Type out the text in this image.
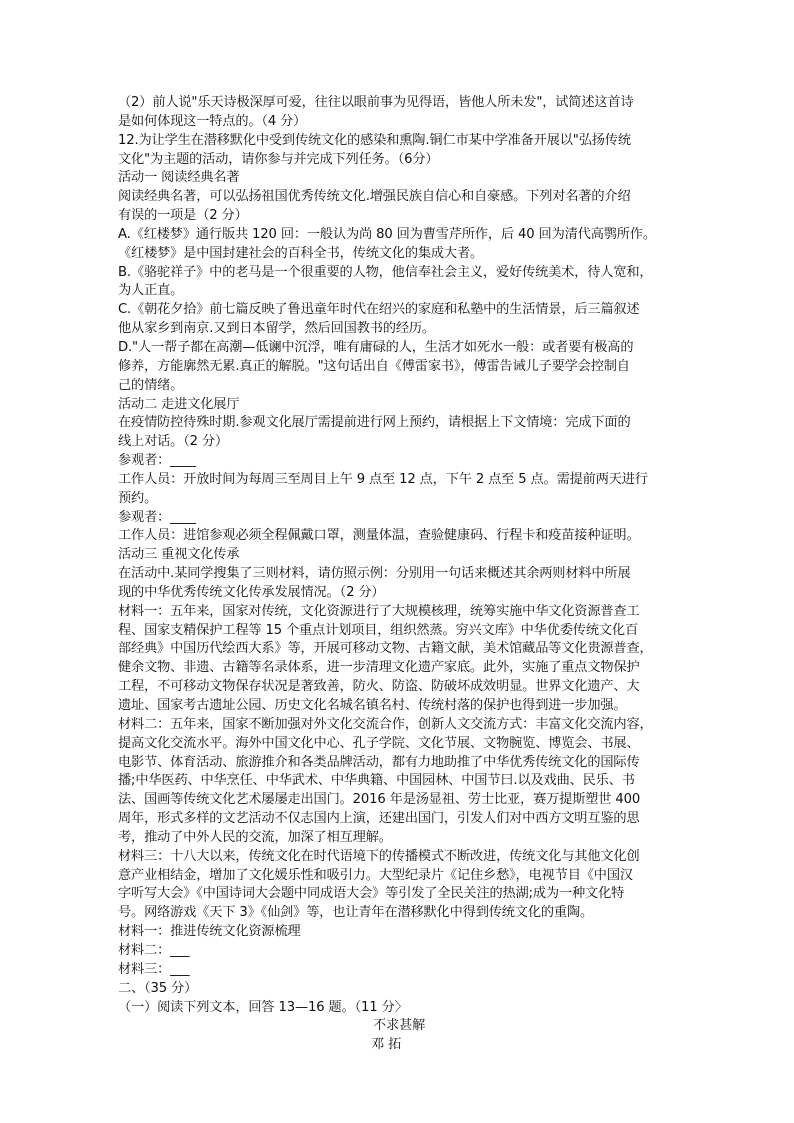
（2）前人说"乐天诗极深厚可爱，往往以眼前事为见得语，皆他人所未发"，试简述这首诗
是如何体现这一特点的。（4 分）
12.为让学生在潜移默化中受到传统文化的感染和熏陶.铜仁市某中学准备开展以"弘扬传统
文化"为主题的活动，请你参与并完成下列任务。（6分）
活动一 阅读经典名著
阅读经典名著，可以弘扬祖国优秀传统文化.增强民族自信心和自豪感。下列对名著的介绍
有误的一项是（2 分）
A.《红楼梦》通行版共 120 回：一般认为尚 80 回为曹雪芹所作，后 40 回为清代高鹗所作。
《红楼梦》是中国封建社会的百科全书，传统文化的集成大者。
B.《骆驼祥子》中的老马是一个很重要的人物，他信奉社会主义，爱好传统美术，待人宽和，
为人正直。
C.《朝花夕拾》前七篇反映了鲁迅童年时代在绍兴的家庭和私塾中的生活情景，后三篇叙述
他从家乡到南京.又到日本留学，然后回国教书的经历。
D."人一帮子都在高潮—低谰中沉浮，唯有庸碌的人，生活才如死水一般：或者要有极高的
修养，方能廓然无累.真正的解脱。"这句话出自《傅雷家书》，傅雷告诫儿子要学会控制自
己的情绪。
活动二 走进文化展厅
在疫情防控待殊时期.参观文化展厅需提前进行网上预约，请根据上下文情境：完成下面的
线上对话。（2 分）
参观者：____
工作人员：开放时间为每周三至周目上午 9 点至 12 点，下午 2 点至 5 点。需提前两天进行
预约。
参观者：____
工作人员：进馆参观必须全程佩戴口罩，测量体温，查验健康码、行程卡和疫苗接种证明。
活动三 重视文化传承
在活动中.某同学搜集了三则材料，请仿照示例：分别用一句话来概述其余两则材料中所展
现的中华优秀传统文化传承发展情况。（2 分）
材料一：五年来，国家对传统，文化资源进行了大规模核理，统筹实施中华文化资源普查工
程、国家支精保护工程等 15 个重点计划项目，组织然蒸。穷兴文库》中华优委传统文化百
部经典》中国历代绘西大系》等，开展可移动文物、古籍文献，美术馆藏品等文化贵源普查，
健余文物、非遗、古籍等名录体系，进一步清理文化遗产家底。此外，实施了重点文物保护
工程，不可移动文物保存状况是著致善，防火、防盗、防破坏成效明显。世界文化遗产、大
遗址、国家考古遗址公园、历史文化名城名镇名村、传统村落的保护也得到进一步加强。
材料二：五年来，国家不断加强对外文化交流合作，创新人文交流方式：丰富文化交流内容，
提高文化交流水平。海外中国文化中心、孔子学院、文化节展、文物腕览、博览会、书展、
电影节、体育活动、旅游推介和各类品牌活动，都有力地助推了中华优秀传统文化的国际传
播;中华医药、中华烹任、中华武术、中华典籍、中国园林、中国节曰.以及戏曲、民乐、书
法、国画等传统文化艺术屡屡走出国门。2016 年是汤显祖、劳士比亚，赛万提斯塑世 400
周年，形式多样的文艺活动不仅志国内上演，还建出国门，引发人们对中西方文明互鉴的思
考，推动了中外人民的交流，加深了相互理解。
材料三：十八大以来，传统文化在时代语境下的传播模式不断改进，传统文化与其他文化创
意产业相结金，增加了文化媛乐性和吸引力。大型纪录片《记住乡愁》，电视节目《中国汉
字听写大会》《中国诗词大会题中同成语大会》等引发了全民关注的热湖;成为一种文化特
号。网络游戏《天下 3》《仙剑》等，也让青年在潜移默化中得到传统文化的重陶。
材料一：推进传统文化资源梳理
材料二：___
材料三：___
二、（35 分）
（一）阅读下列文本，回答 13—16 题。（11 分〉
不求甚解
邓 拓
